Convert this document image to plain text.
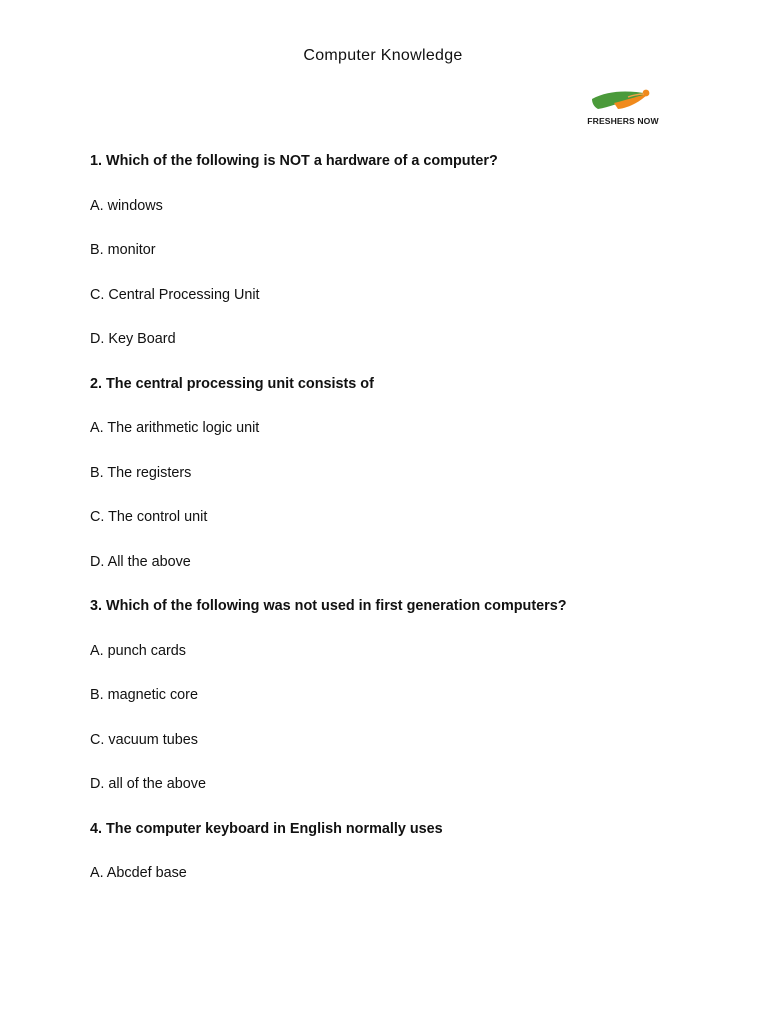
Computer Knowledge
FRESHERS NOW
1. Which of the following is NOT a hardware of a computer?
A. windows
B. monitor
C. Central Processing Unit
D. Key Board
2. The central processing unit consists of
A. The arithmetic logic unit
B. The registers
C. The control unit
D. All the above
3. Which of the following was not used in first generation computers?
A. punch cards
B. magnetic core
C. vacuum tubes
D. all of the above
4. The computer keyboard in English normally uses
A. Abcdef base
